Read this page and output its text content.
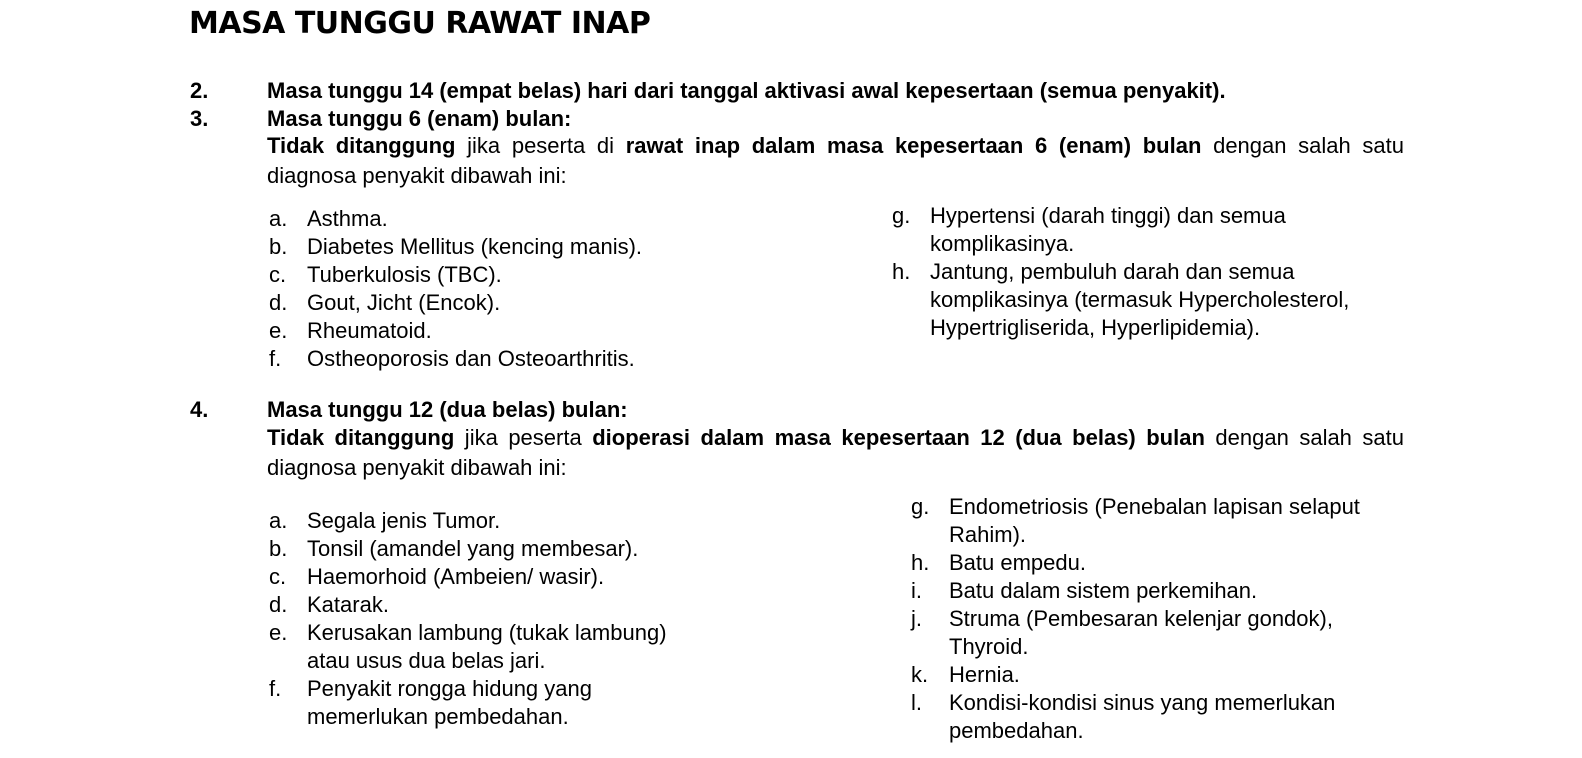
MASA TUNGGU RAWAT INAP
2.	Masa tunggu 14 (empat belas) hari dari tanggal aktivasi awal kepesertaan (semua penyakit).
3.	Masa tunggu 6 (enam) bulan:
Tidak ditanggung jika peserta di rawat inap dalam masa kepesertaan 6 (enam) bulan dengan salah satu diagnosa penyakit dibawah ini:
a. Asthma.
b. Diabetes Mellitus (kencing manis).
c. Tuberkulosis (TBC).
d. Gout, Jicht (Encok).
e. Rheumatoid.
f. Ostheoporosis dan Osteoarthritis.
g. Hypertensi (darah tinggi) dan semua komplikasinya.
h. Jantung, pembuluh darah dan semua komplikasinya (termasuk Hypercholesterol, Hypertrigliserida, Hyperlipidemia).
4.	Masa tunggu 12 (dua belas) bulan:
Tidak ditanggung jika peserta dioperasi dalam masa kepesertaan 12 (dua belas) bulan dengan salah satu diagnosa penyakit dibawah ini:
a. Segala jenis Tumor.
b. Tonsil (amandel yang membesar).
c. Haemorhoid (Ambeien/ wasir).
d. Katarak.
e. Kerusakan lambung (tukak lambung) atau usus dua belas jari.
f. Penyakit rongga hidung yang memerlukan pembedahan.
g. Endometriosis (Penebalan lapisan selaput Rahim).
h. Batu empedu.
i. Batu dalam sistem perkemihan.
j. Struma (Pembesaran kelenjar gondok), Thyroid.
k. Hernia.
l. Kondisi-kondisi sinus yang memerlukan pembedahan.
